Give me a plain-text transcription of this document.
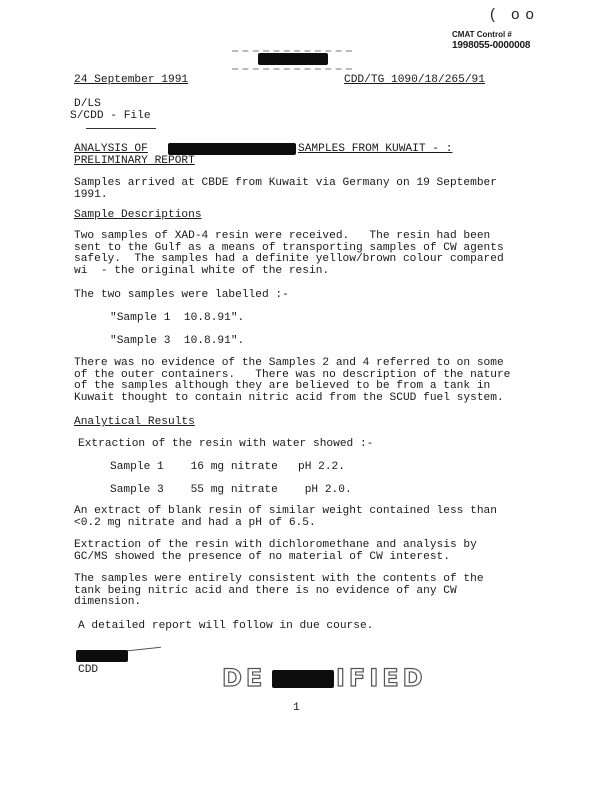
( oo
CMAT Control #
1998055-0000008
24 September 1991	CDD/TG 1090/18/265/91
D/LS
S/CDD - File
ANALYSIS OF	SAMPLES FROM KUWAIT - :
PRELIMINARY REPORT
Samples arrived at CBDE from Kuwait via Germany on 19 September
1991.
Sample Descriptions
Two samples of XAD-4 resin were received.   The resin had been
sent to the Gulf as a means of transporting samples of CW agents
safely.  The samples had a definite yellow/brown colour compared
wi  - the original white of the resin.
The two samples were labelled :-
"Sample 1  10.8.91".
"Sample 3  10.8.91".
There was no evidence of the Samples 2 and 4 referred to on some
of the outer containers.   There was no description of the nature
of the samples although they are believed to be from a tank in
Kuwait thought to contain nitric acid from the SCUD fuel system.
Analytical Results
Extraction of the resin with water showed :-
Sample 1    16 mg nitrate   pH 2.2.
Sample 3    55 mg nitrate    pH 2.0.
An extract of blank resin of similar weight contained less than
<0.2 mg nitrate and had a pH of 6.5.
Extraction of the resin with dichloromethane and analysis by
GC/MS showed the presence of no material of CW interest.
The samples were entirely consistent with the contents of the
tank being nitric acid and there is no evidence of any CW
dimension.
A detailed report will follow in due course.
CDD	DE	IFIED
1
